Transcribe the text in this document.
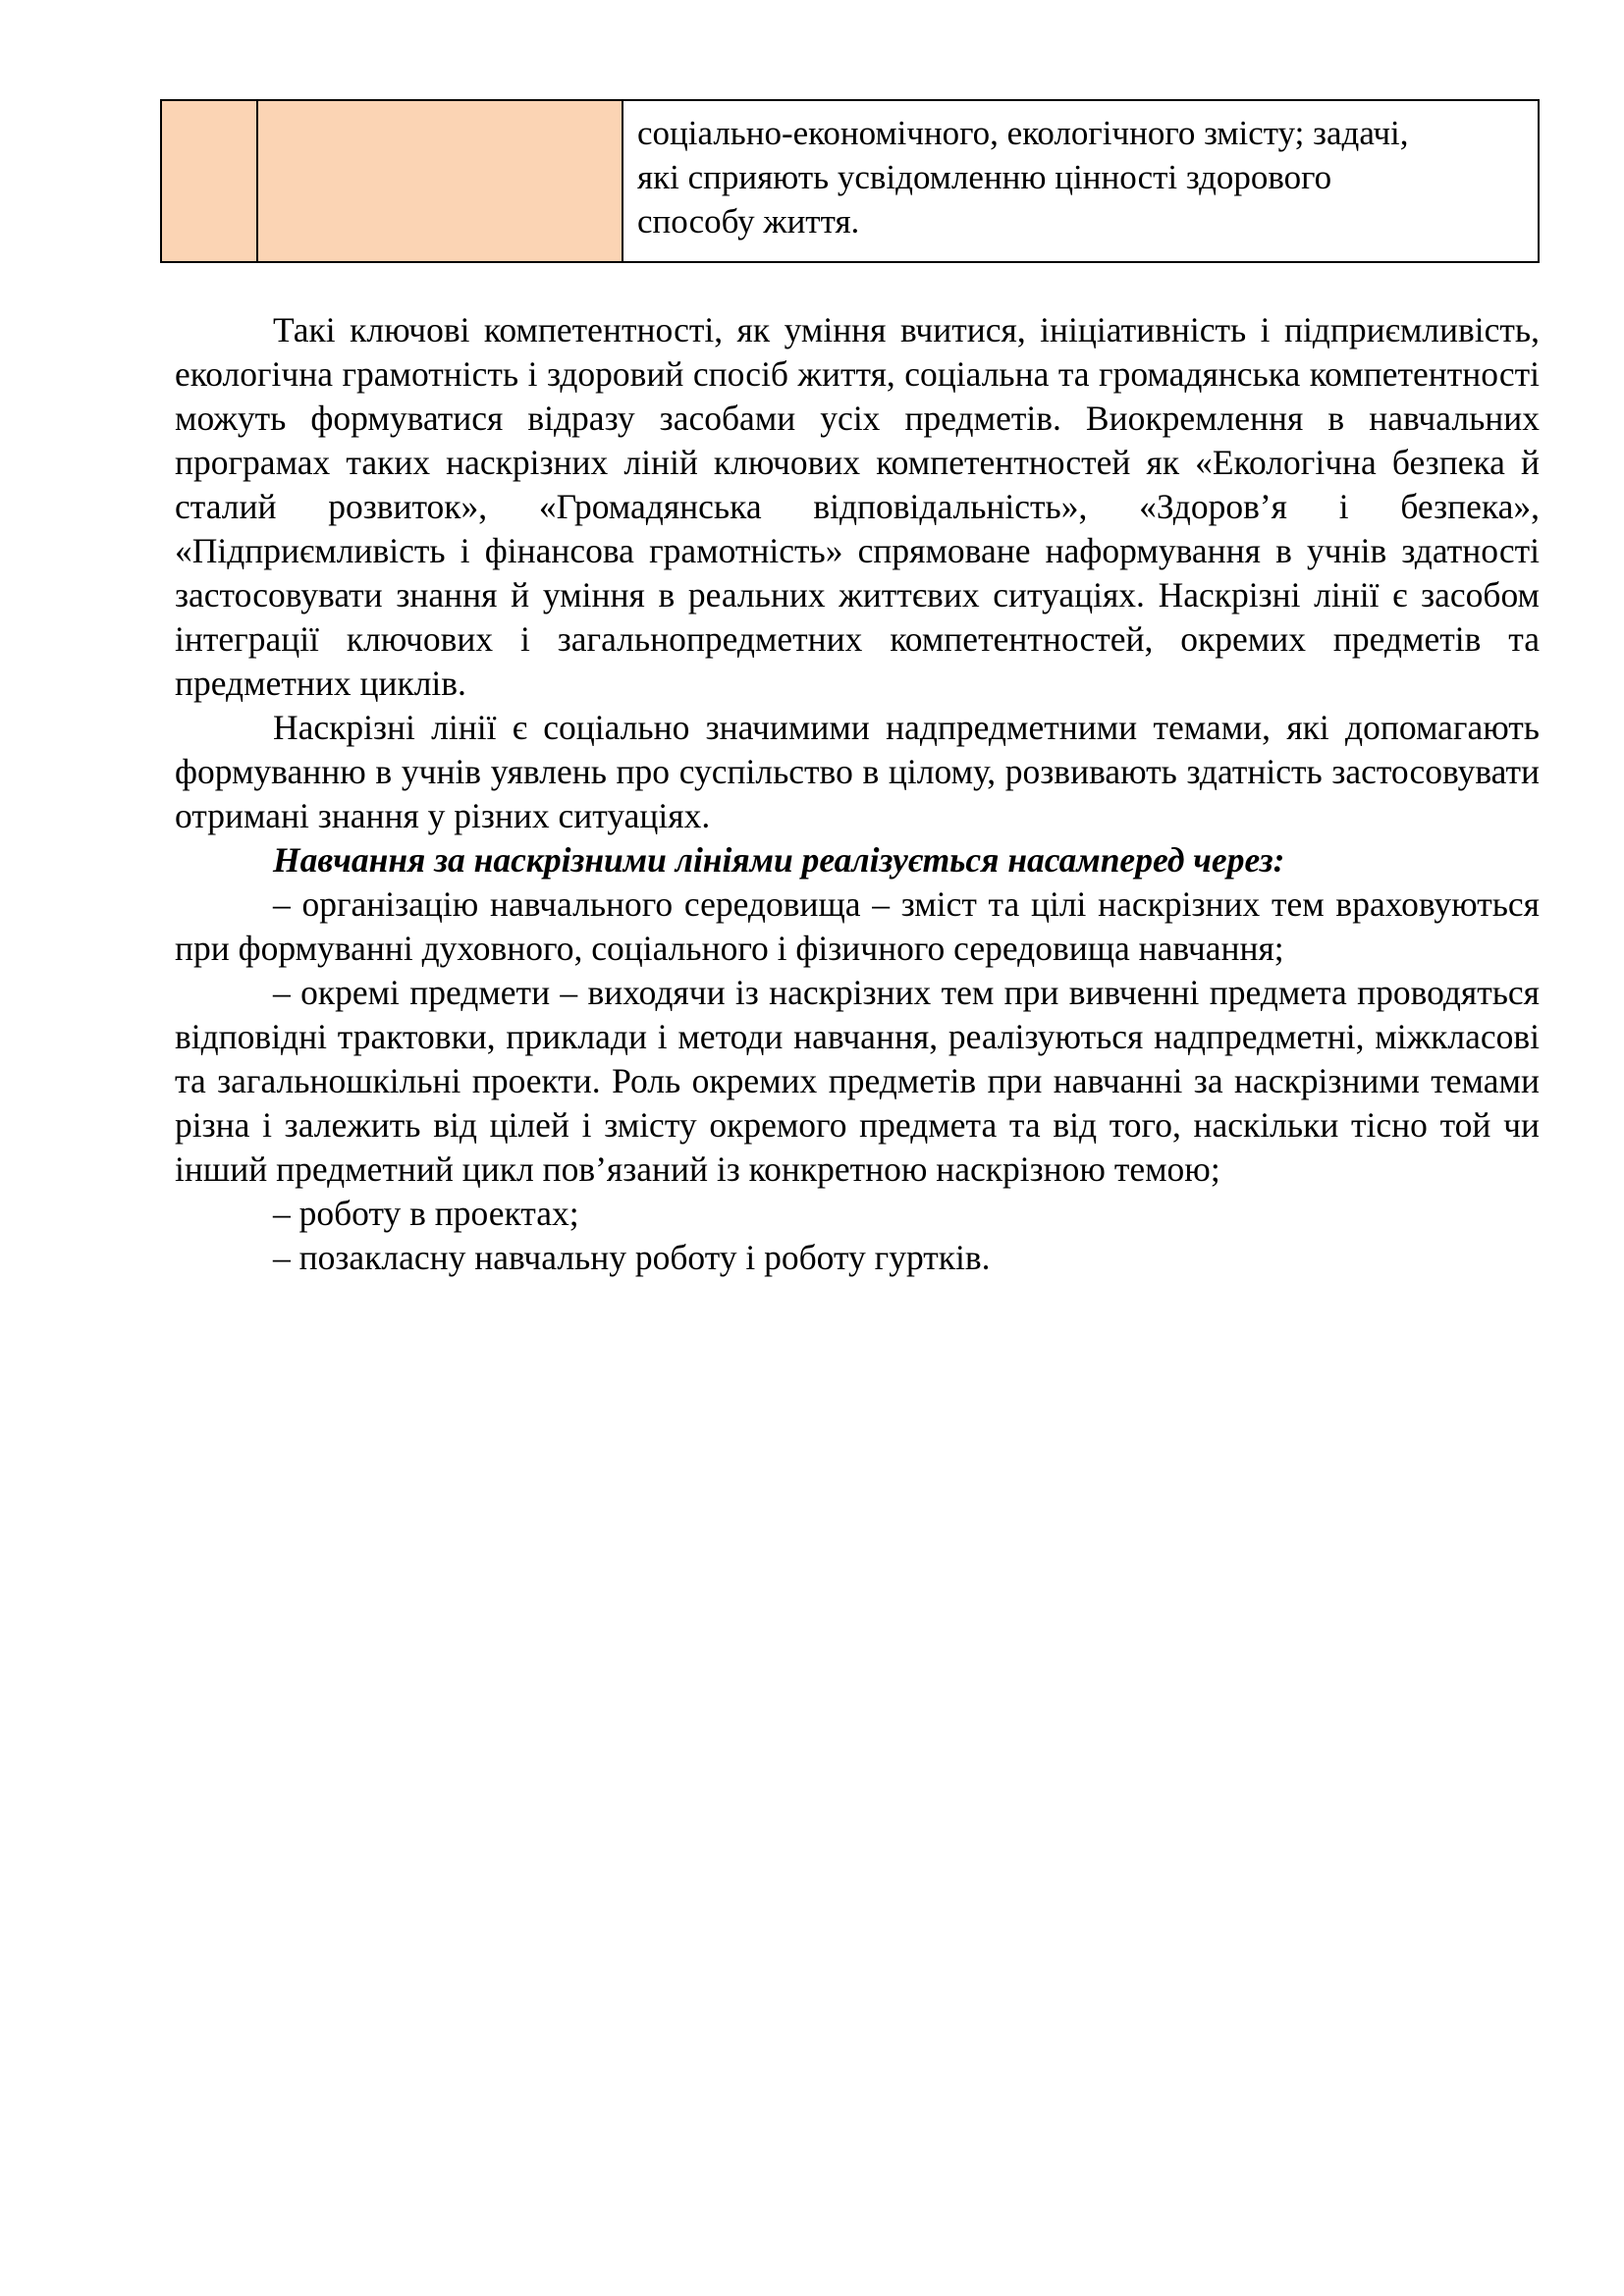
соціально-економічного, екологічного змісту; задачі,
які сприяють усвідомленню цінності здорового
способу життя.

Такі ключові компетентності, як уміння вчитися, ініціативність і підприємливість, екологічна грамотність і здоровий спосіб життя, соціальна та громадянська компетентності можуть формуватися відразу засобами усіх предметів. Виокремлення в навчальних програмах таких наскрізних ліній ключових компетентностей як «Екологічна безпека й сталий розвиток», «Громадянська відповідальність», «Здоров’я і безпека», «Підприємливість і фінансова грамотність» спрямоване наформування в учнів здатності застосовувати знання й уміння в реальних життєвих ситуаціях. Наскрізні лінії є засобом інтеграції ключових і загальнопредметних компетентностей, окремих предметів та предметних циклів.

Наскрізні лінії є соціально значимими надпредметними темами, які допомагають формуванню в учнів уявлень про суспільство в цілому, розвивають здатність застосовувати отримані знання у різних ситуаціях.

Навчання за наскрізними лініями реалізується насамперед через:

– організацію навчального середовища – зміст та цілі наскрізних тем враховуються при формуванні духовного, соціального і фізичного середовища навчання;

– окремі предмети – виходячи із наскрізних тем при вивченні предмета проводяться відповідні трактовки, приклади і методи навчання, реалізуються надпредметні, міжкласові та загальношкільні проекти. Роль окремих предметів при навчанні за наскрізними темами різна і залежить від цілей і змісту окремого предмета та від того, наскільки тісно той чи інший предметний цикл пов’язаний із конкретною наскрізною темою;

– роботу в проектах;

– позакласну навчальну роботу і роботу гуртків.
